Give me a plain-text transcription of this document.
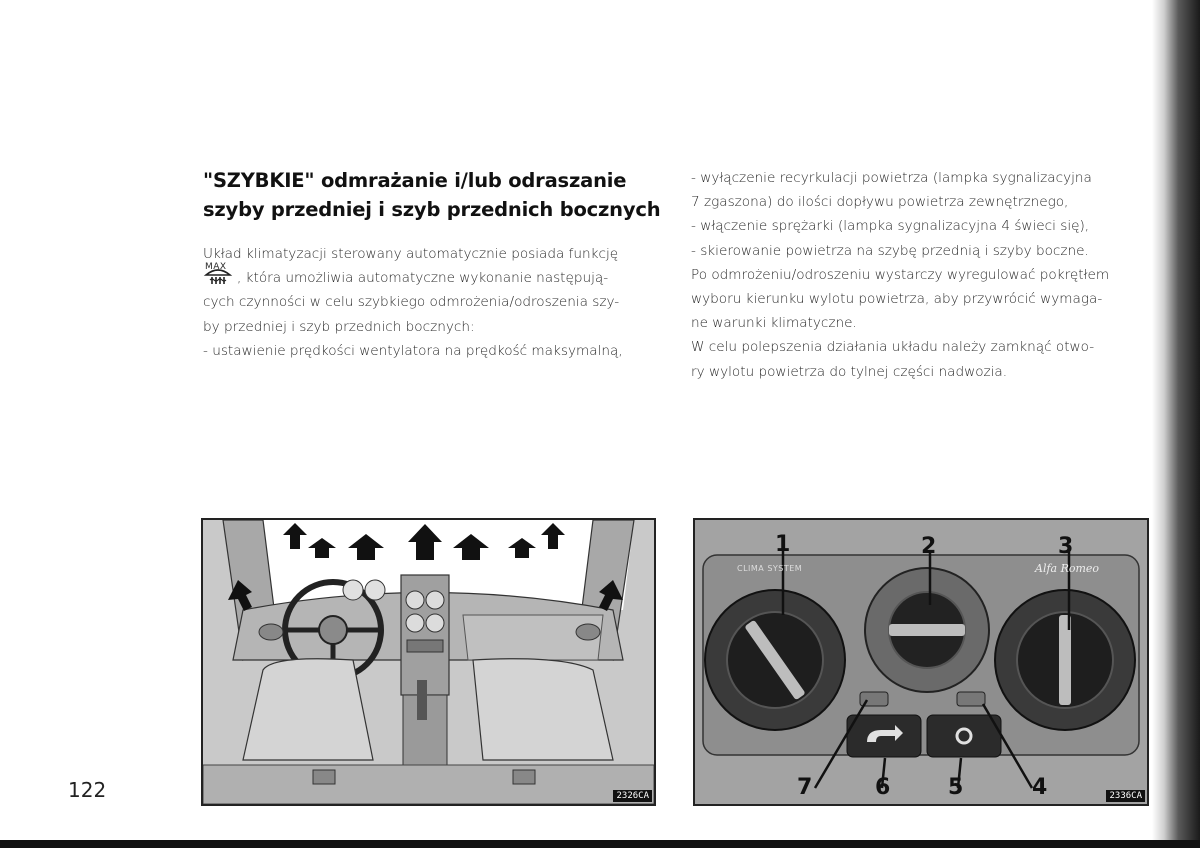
"SZYBKIE" odmrażanie i/lub odraszanie
szyby przedniej i szyb przednich bocznych

Układ klimatyzacji sterowany automatycznie posiada funkcję

MAX
, która umożliwia automatyczne wykonanie następują-

cych czynności w celu szybkiego odmrożenia/odroszenia szy-

by przedniej i szyb przednich bocznych:

- ustawienie prędkości wentylatora na prędkość maksymalną,

- wyłączenie recyrkulacji powietrza (lampka sygnalizacyjna

7 zgaszona) do ilości dopływu powietrza zewnętrznego,

- włączenie sprężarki (lampka sygnalizacyjna 4 świeci się),

- skierowanie powietrza na szybę przednią i szyby boczne.

Po odmrożeniu/odroszeniu wystarczy wyregulować pokrętłem

wyboru kierunku wylotu powietrza, aby przywrócić wymaga-

ne warunki klimatyczne.

W celu polepszenia działania układu należy zamknąć otwo-

ry wylotu powietrza do tylnej części nadwozia.

2326CA
1	2	3
4
5
6
7
Alfa Romeo
CLIMA SYSTEM
2336CA
122
